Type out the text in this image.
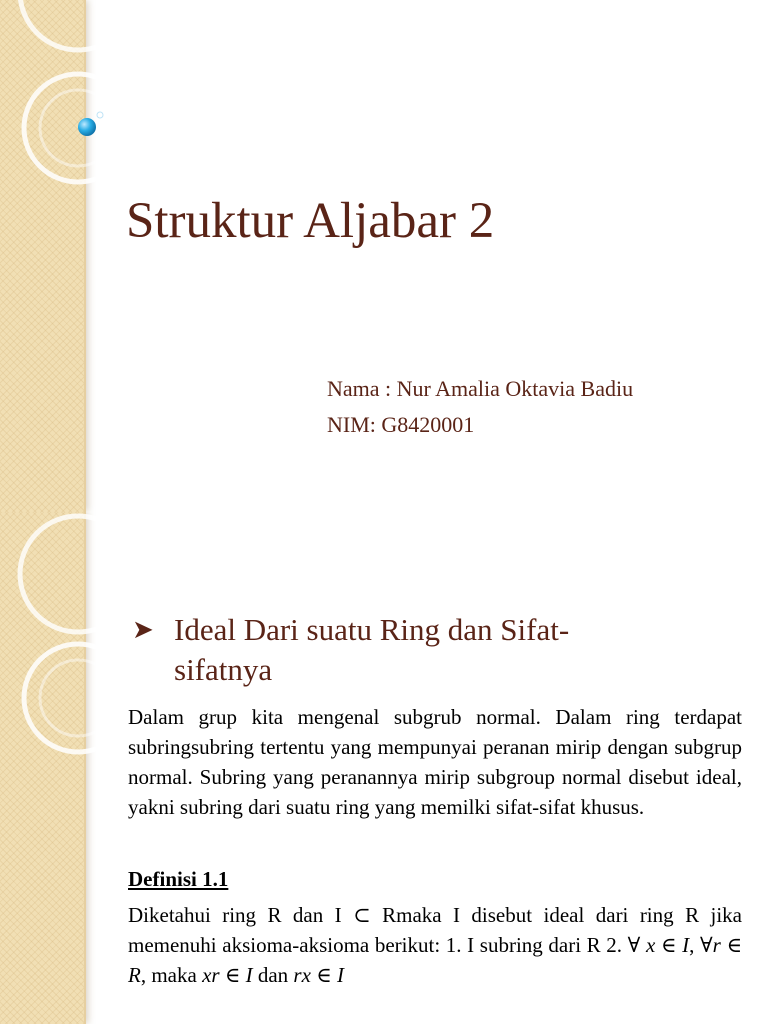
Struktur Aljabar 2
Nama : Nur Amalia Oktavia Badiu
NIM: G8420001
➤ Ideal Dari suatu Ring dan Sifat-
sifatnya
Dalam grup kita mengenal subgrub normal. Dalam ring terdapat subringsubring tertentu yang mempunyai peranan mirip dengan subgrup normal. Subring yang peranannya mirip subgroup normal disebut ideal, yakni subring dari suatu ring yang memilki sifat-sifat khusus.
Definisi 1.1
Diketahui ring R dan I ⊂ Rmaka I disebut ideal dari ring R jika memenuhi aksioma-aksioma berikut: 1. I subring dari R 2. ∀ x ∈ I, ∀r ∈ R, maka xr ∈ I dan rx ∈ I
